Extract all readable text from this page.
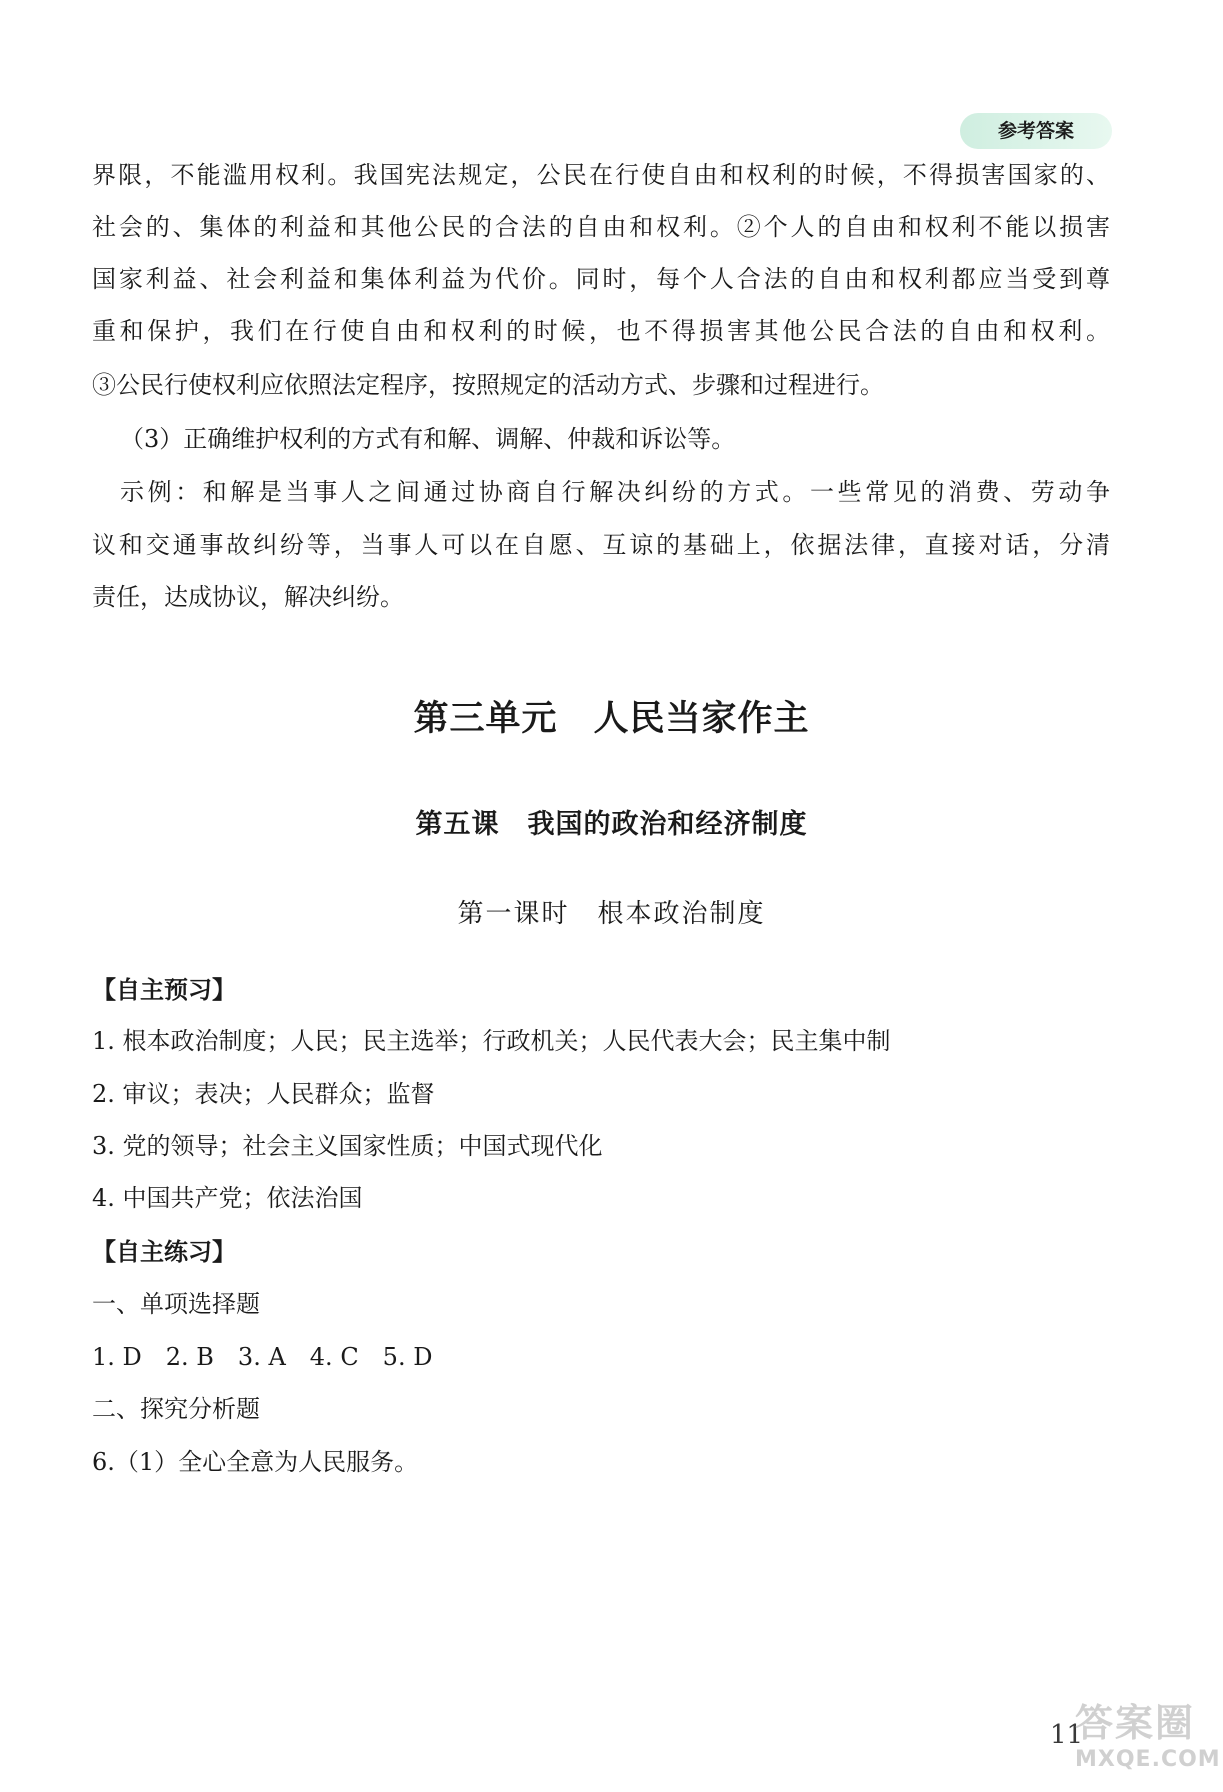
参考答案
界限，不能滥用权利。我国宪法规定，公民在行使自由和权利的时候，不得损害国家的、
社会的、集体的利益和其他公民的合法的自由和权利。②个人的自由和权利不能以损害
国家利益、社会利益和集体利益为代价。同时，每个人合法的自由和权利都应当受到尊
重和保护，我们在行使自由和权利的时候，也不得损害其他公民合法的自由和权利。
③公民行使权利应依照法定程序，按照规定的活动方式、步骤和过程进行。
（3）正确维护权利的方式有和解、调解、仲裁和诉讼等。
示例：和解是当事人之间通过协商自行解决纠纷的方式。一些常见的消费、劳动争
议和交通事故纠纷等，当事人可以在自愿、互谅的基础上，依据法律，直接对话，分清
责任，达成协议，解决纠纷。
第三单元　人民当家作主
第五课　我国的政治和经济制度
第一课时　根本政治制度
【自主预习】
1. 根本政治制度；人民；民主选举；行政机关；人民代表大会；民主集中制
2. 审议；表决；人民群众；监督
3. 党的领导；社会主义国家性质；中国式现代化
4. 中国共产党；依法治国
【自主练习】
一、单项选择题
1. D　2. B　3. A　4. C　5. D
二、探究分析题
6.（1）全心全意为人民服务。
11
答案圈
MXQE.COM
